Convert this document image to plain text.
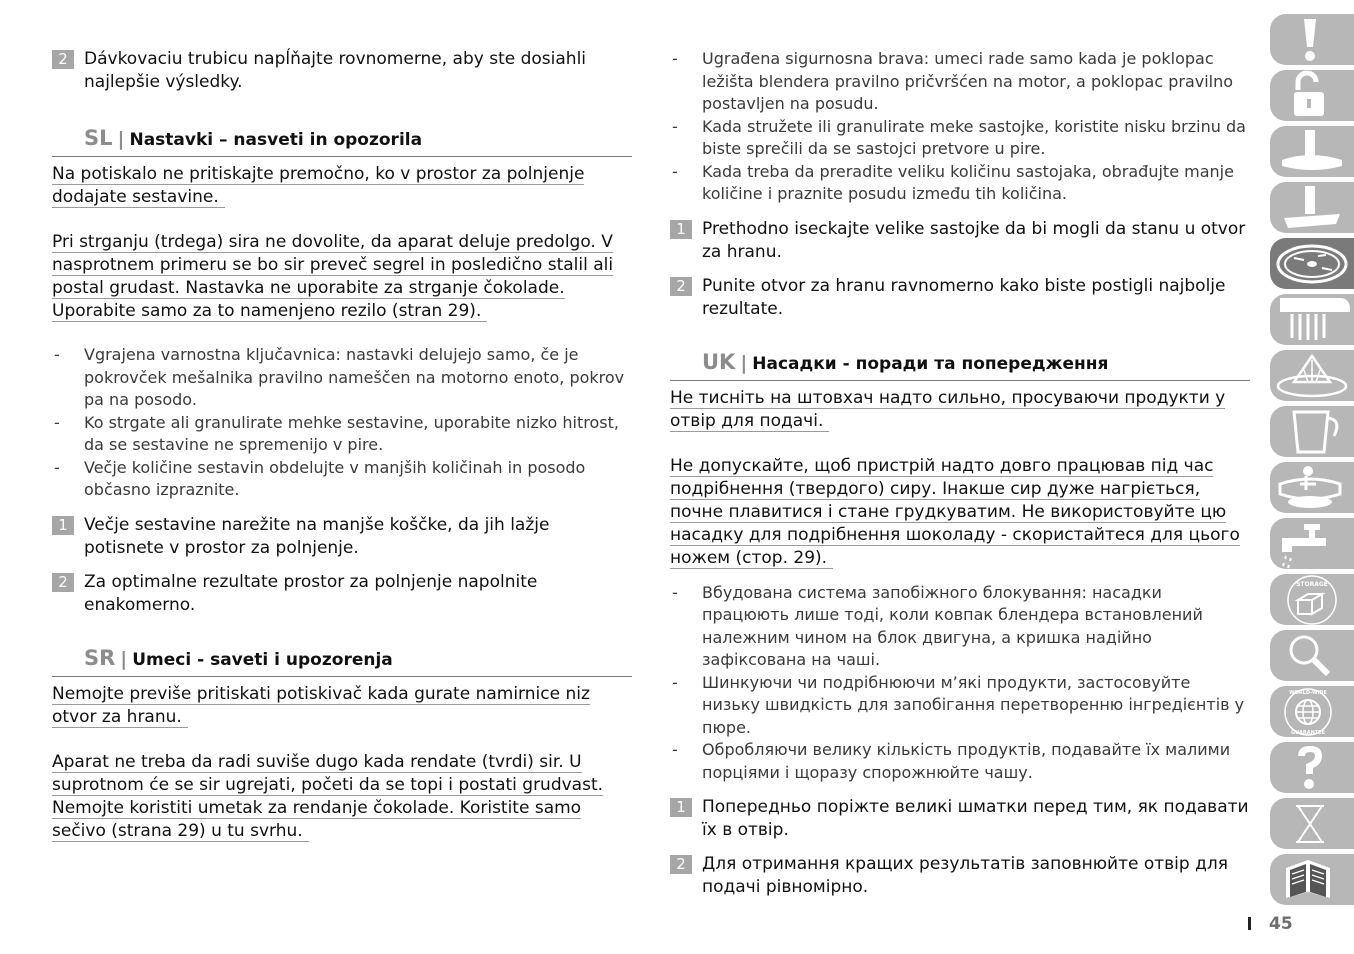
2 Dávkovaciu trubicu napĺňajte rovnomerne, aby ste dosiahli najlepšie výsledky.
SL | Nastavki – nasveti in opozorila

Na potiskalo ne pritiskajte premočno, ko v prostor za polnjenje dodajate sestavine.

Pri strganju (trdega) sira ne dovolite, da aparat deluje predolgo. V nasprotnem primeru se bo sir preveč segrel in posledično stalil ali postal grudast. Nastavka ne uporabite za strganje čokolade. Uporabite samo za to namenjeno rezilo (stran 29).

- Vgrajena varnostna ključavnica: nastavki delujejo samo, če je pokrovček mešalnika pravilno nameščen na motorno enoto, pokrov pa na posodo.
- Ko strgate ali granulirate mehke sestavine, uporabite nizko hitrost, da se sestavine ne spremenijo v pire.
- Večje količine sestavin obdelujte v manjših količinah in posodo občasno izpraznite.
1 Večje sestavine narežite na manjše koščke, da jih lažje potisnete v prostor za polnjenje.
2 Za optimalne rezultate prostor za polnjenje napolnite enakomerno.
SR | Umeci - saveti i upozorenja

Nemojte previše pritiskati potiskivač kada gurate namirnice niz otvor za hranu.

Aparat ne treba da radi suviše dugo kada rendate (tvrdi) sir. U suprotnom će se sir ugrejati, početi da se topi i postati grudvast. Nemojte koristiti umetak za rendanje čokolade. Koristite samo sečivo (strana 29) u tu svrhu.

- Ugrađena sigurnosna brava: umeci rade samo kada je poklopac ležišta blendera pravilno pričvršćen na motor, a poklopac pravilno postavljen na posudu.
- Kada stružete ili granulirate meke sastojke, koristite nisku brzinu da biste sprečili da se sastojci pretvore u pire.
- Kada treba da preradite veliku količinu sastojaka, obrađujte manje količine i praznite posudu između tih količina.
1 Prethodno iseckajte velike sastojke da bi mogli da stanu u otvor za hranu.
2 Punite otvor za hranu ravnomerno kako biste postigli najbolje rezultate.
UK | Насадки - поради та попередження

Не тисніть на штовхач надто сильно, просуваючи продукти у отвір для подачі.

Не допускайте, щоб пристрій надто довго працював під час подрібнення (твердого) сиру. Інакше сир дуже нагріється, почне плавитися і стане грудкуватим. Не використовуйте цю насадку для подрібнення шоколаду - скористайтеся для цього ножем (стор. 29).

- Вбудована система запобіжного блокування: насадки працюють лише тоді, коли ковпак блендера встановлений належним чином на блок двигуна, а кришка надійно зафіксована на чаші.
- Шинкуючи чи подрібнюючи м’які продукти, застосовуйте низьку швидкість для запобігання перетворенню інгредієнтів у пюре.
- Обробляючи велику кількість продуктів, подавайте їх малими порціями і щоразу спорожнюйте чашу.
1 Попередньо поріжте великі шматки перед тим, як подавати їх в отвір.
2 Для отримання кращих результатів заповнюйте отвір для подачі рівномірно.
STORAGE
WORLD-WIDE
GUARANTEE
45
